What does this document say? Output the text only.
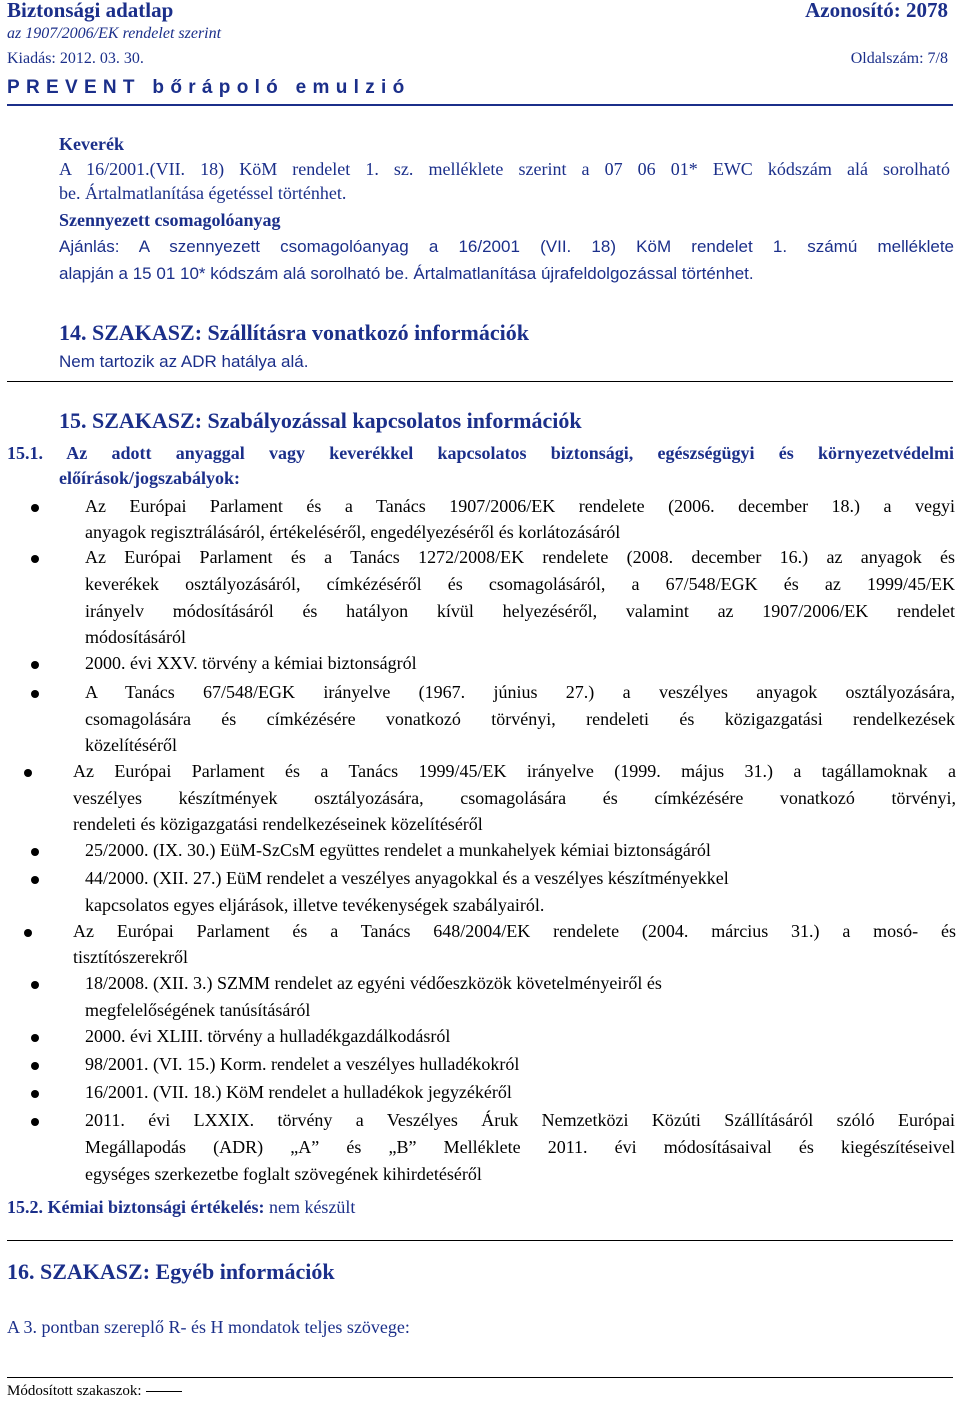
Biztonsági adatlap	Azonosító: 2078
az 1907/2006/EK rendelet szerint
Kiadás: 2012. 03. 30.	Oldalszám: 7/8
PREVENT bőrápoló emulzió
Keverék
A 16/2001.(VII. 18) KöM rendelet 1. sz. melléklete szerint a 07 06 01* EWC kódszám alá sorolható
be. Ártalmatlanítása égetéssel történhet.
Szennyezett csomagolóanyag
Ajánlás: A szennyezett csomagolóanyag a 16/2001 (VII. 18) KöM rendelet 1. számú melléklete
alapján a 15 01 10* kódszám alá sorolható be. Ártalmatlanítása újrafeldolgozással történhet.
14. SZAKASZ: Szállításra vonatkozó információk
Nem tartozik az ADR hatálya alá.
15. SZAKASZ: Szabályozással kapcsolatos információk
15.1. Az adott anyaggal vagy keverékkel kapcsolatos biztonsági, egészségügyi és környezetvédelmi
előírások/jogszabályok:
Az Európai Parlament és a Tanács 1907/2006/EK rendelete (2006. december 18.) a vegyi
anyagok regisztrálásáról, értékeléséről, engedélyezéséről és korlátozásáról
Az Európai Parlament és a Tanács 1272/2008/EK rendelete (2008. december 16.) az anyagok és
keverékek osztályozásáról, címkézéséről és csomagolásáról, a 67/548/EGK és az 1999/45/EK
irányelv módosításáról és hatályon kívül helyezéséről, valamint az 1907/2006/EK rendelet
módosításáról
2000. évi XXV. törvény a kémiai biztonságról
A Tanács 67/548/EGK irányelve (1967. június 27.) a veszélyes anyagok osztályozására,
csomagolására és címkézésére vonatkozó törvényi, rendeleti és közigazgatási rendelkezések
közelítéséről
Az Európai Parlament és a Tanács 1999/45/EK irányelve (1999. május 31.) a tagállamoknak a
veszélyes készítmények osztályozására, csomagolására és címkézésére vonatkozó törvényi,
rendeleti és közigazgatási rendelkezéseinek közelítéséről
25/2000. (IX. 30.) EüM-SzCsM együttes rendelet a munkahelyek kémiai biztonságáról
44/2000. (XII. 27.) EüM rendelet a veszélyes anyagokkal és a veszélyes készítményekkel
kapcsolatos egyes eljárások, illetve tevékenységek szabályairól.
Az Európai Parlament és a Tanács 648/2004/EK rendelete (2004. március 31.) a mosó- és
tisztítószerekről
18/2008. (XII. 3.) SZMM rendelet az egyéni védőeszközök követelményeiről és
megfelelőségének tanúsításáról
2000. évi XLIII. törvény a hulladékgazdálkodásról
98/2001. (VI. 15.) Korm. rendelet a veszélyes hulladékokról
16/2001. (VII. 18.) KöM rendelet a hulladékok jegyzékéről
2011. évi LXXIX. törvény a Veszélyes Áruk Nemzetközi Közúti Szállításáról szóló Európai
Megállapodás (ADR) „A” és „B” Melléklete 2011. évi módosításaival és kiegészítéseivel
egységes szerkezetbe foglalt szövegének kihirdetéséről
15.2. Kémiai biztonsági értékelés: nem készült
16. SZAKASZ: Egyéb információk
A 3. pontban szereplő R- és H mondatok teljes szövege:
Módosított szakaszok:
